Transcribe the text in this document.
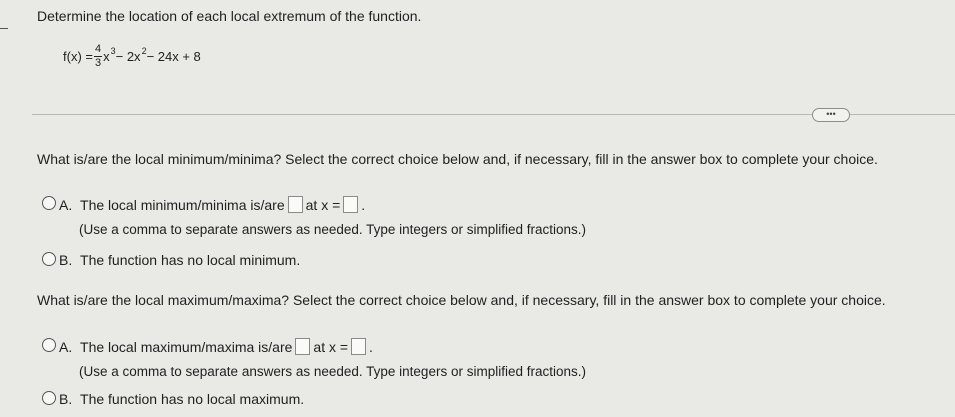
Determine the location of each local extremum of the function.
$f(x) = \frac{4}{3}$ x 3 − 2x 2 − 24x + 8
•••
What is/are the local minimum/minima? Select the correct choice below and, if necessary, fill in the answer box to complete your choice.
A. The local minimum/minima is/are at x = .
(Use a comma to separate answers as needed. Type integers or simplified fractions.)
B. The function has no local minimum.
What is/are the local maximum/maxima? Select the correct choice below and, if necessary, fill in the answer box to complete your choice.
A. The local maximum/maxima is/are at x = .
(Use a comma to separate answers as needed. Type integers or simplified fractions.)
B. The function has no local maximum.
